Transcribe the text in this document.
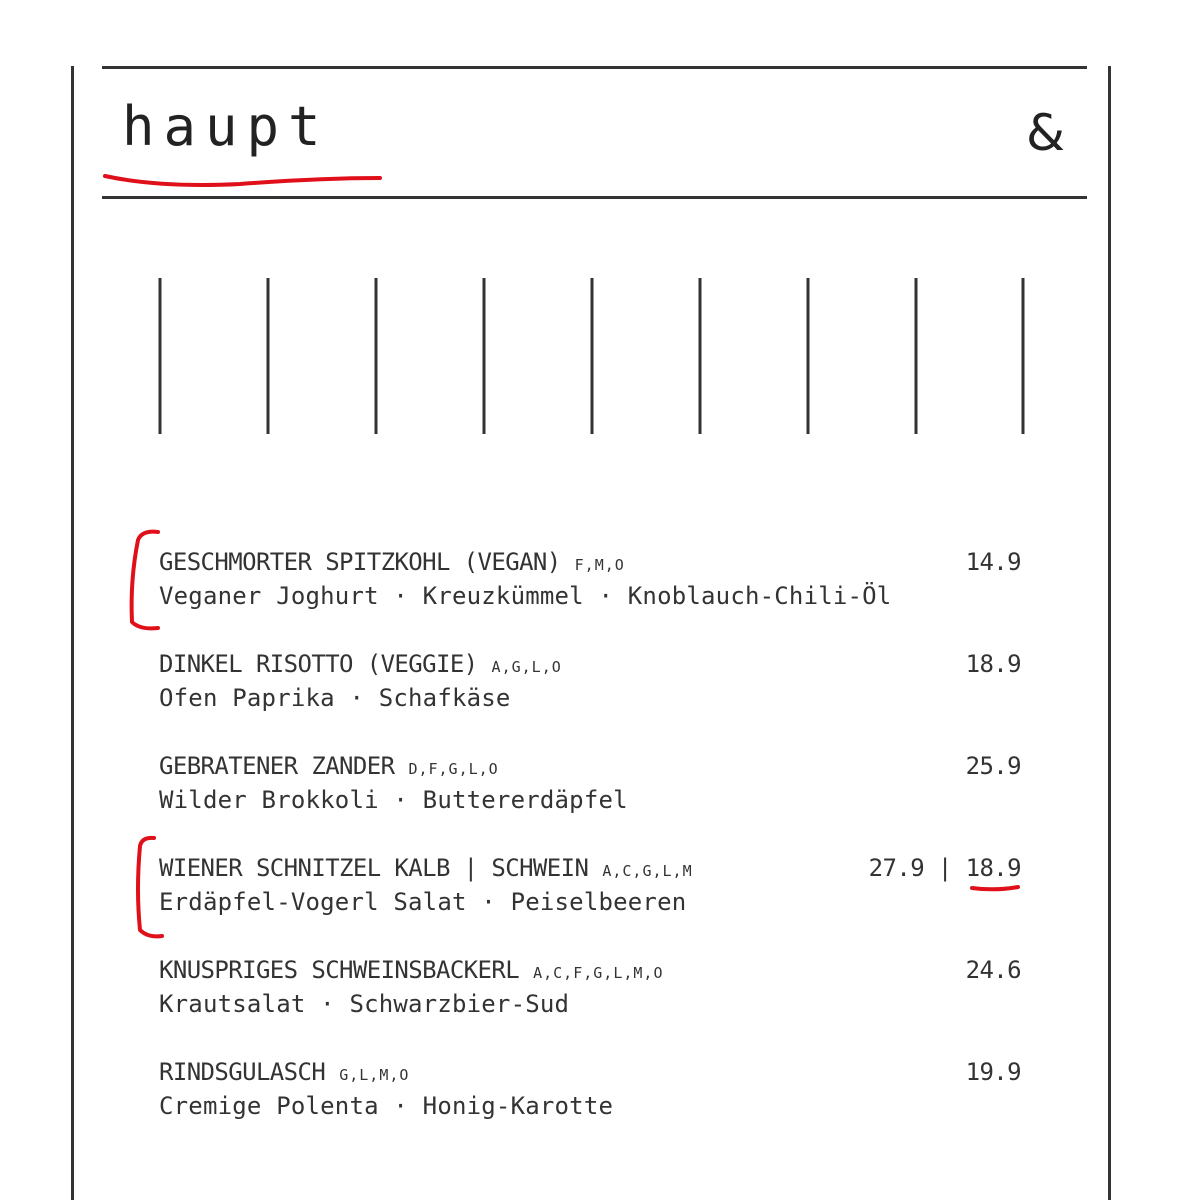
haupt	&
GESCHMORTER SPITZKOHL (VEGAN) F,M,O	14.9
Veganer Joghurt · Kreuzkümmel · Knoblauch-Chili-Öl
DINKEL RISOTTO (VEGGIE) A,G,L,O	18.9
Ofen Paprika · Schafkäse
GEBRATENER ZANDER D,F,G,L,O	25.9
Wilder Brokkoli · Buttererdäpfel
WIENER SCHNITZEL KALB | SCHWEIN A,C,G,L,M	27.9 | 18.9
Erdäpfel-Vogerl Salat · Peiselbeeren
KNUSPRIGES SCHWEINSBACKERL A,C,F,G,L,M,O	24.6
Krautsalat · Schwarzbier-Sud
RINDSGULASCH G,L,M,O	19.9
Cremige Polenta · Honig-Karotte
